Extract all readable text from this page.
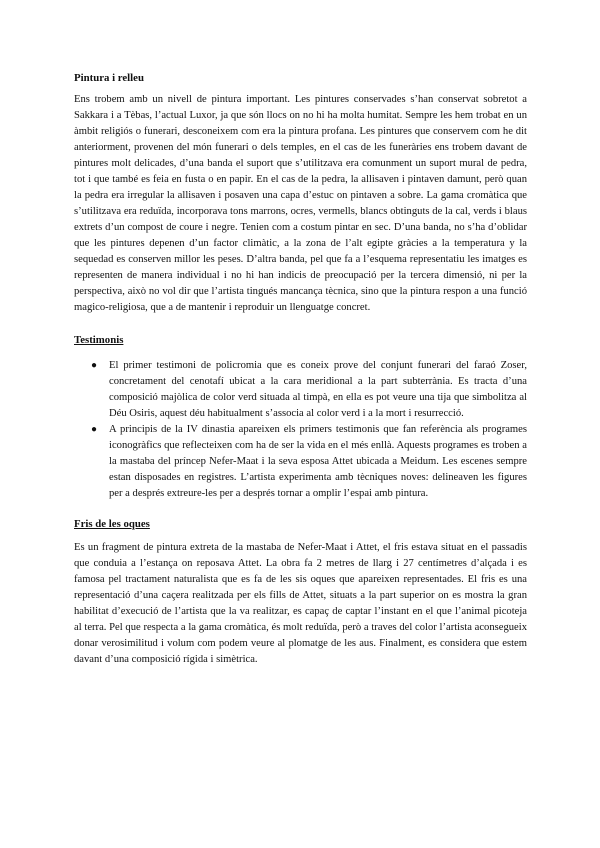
Pintura i relleu

Ens trobem amb un nivell de pintura important. Les pintures conservades s’han conservat sobretot a Sakkara i a Tèbas, l’actual Luxor, ja que són llocs on no hi ha molta humitat. Sempre les hem trobat en un àmbit religiós o funerari, desconeixem com era la pintura profana. Les pintures que conservem com he dit anteriorment, provenen del món funerari o dels temples, en el cas de les funeràries ens trobem davant de pintures molt delicades, d’una banda el suport que s’utilitzava era comunment un suport mural de pedra, tot i que també es feia en fusta o en papir. En el cas de la pedra, la allisaven i pintaven damunt, però quan la pedra era irregular la allisaven i posaven una capa d’estuc on pintaven a sobre. La gama cromàtica que s’utilitzava era reduïda, incorporava tons marrons, ocres, vermells, blancs obtinguts de la cal, verds i blaus extrets d’un compost de coure i negre. Tenien com a costum pintar en sec. D’una banda, no s’ha d’oblidar que les pintures depenen d’un factor climàtic, a la zona de l’alt egipte gràcies a la temperatura y la sequedad es conserven millor les peses. D’altra banda, pel que fa a l’esquema representatiu les imatges es representen de manera individual i no hi han indicis de preocupació per la tercera dimensió, ni per la perspectiva, això no vol dir que l’artista tingués mancança tècnica, sino que la pintura respon a una funció magico-religiosa, que a de mantenir i reproduir un llenguatge concret.

Testimonis
● El primer testimoni de policromia que es coneix prove del conjunt funerari del faraó Zoser, concretament del cenotafí ubicat a la cara meridional a la part subterrània. Es tracta d’una composició majòlica de color verd situada al timpà, en ella es pot veure una tija que simbolitza al Déu Osiris, aquest déu habitualment s’associa al color verd i a la mort i resurrecció.
● A principis de la IV dinastia apareixen els primers testimonis que fan referència als programes iconogràfics que reflecteixen com ha de ser la vida en el més enllà. Aquests programes es troben a la mastaba del príncep Nefer-Maat i la seva esposa Attet ubicada a Meidum. Les escenes sempre estan disposades en registres. L’artista experimenta amb tècniques noves: delineaven les figures per a després extreure-les per a després tornar a omplir l’espai amb pintura.
Fris de les oques

Es un fragment de pintura extreta de la mastaba de Nefer-Maat i Attet, el fris estava situat en el passadis que conduia a l’estança on reposava Attet. La obra fa 2 metres de llarg i 27 centímetres d’alçada i es famosa pel tractament naturalista que es fa de les sis oques que apareixen representades. El fris es una representació d’una caçera realitzada per els fills de Attet, situats a la part superior on es mostra la gran habilitat d’execució de l’artista que la va realitzar, es capaç de captar l’instant en el que l’animal picoteja al terra. Pel que respecta a la gama cromàtica, és molt reduïda, però a traves del color l’artista aconsegueix donar verosimilitud i volum com podem veure al plomatge de les aus. Finalment, es considera que estem davant d’una composició rígida i simètrica.
